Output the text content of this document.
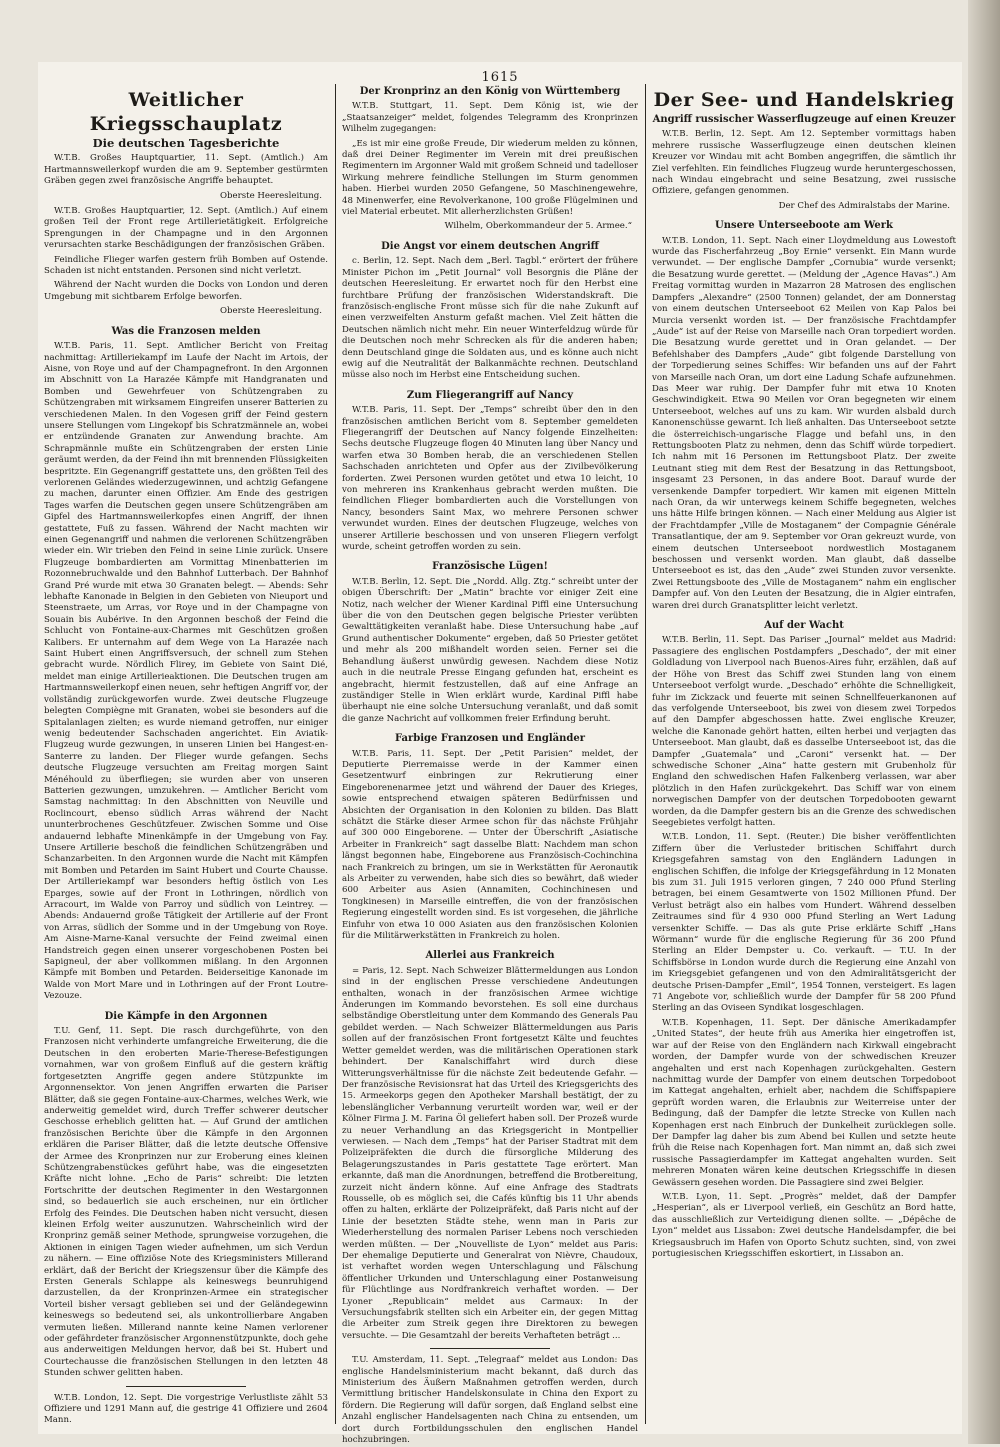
1615
Weitlicher Kriegsschauplatz
Die deutschen Tagesberichte

W.T.B. Großes Hauptquartier, 11. Sept. (Amtlich.) Am Hartmannsweilerkopf wurden die am 9. September gestürmten Gräben gegen zwei französische Angriffe behauptet.

Oberste Heeresleitung.

W.T.B. Großes Hauptquartier, 12. Sept. (Amtlich.) Auf einem großen Teil der Front rege Artillerietätigkeit. Erfolgreiche Sprengungen in der Champagne und in den Argonnen verursachten starke Beschädigungen der französischen Gräben.

Feindliche Flieger warfen gestern früh Bomben auf Ostende. Schaden ist nicht entstanden. Personen sind nicht verletzt.

Während der Nacht wurden die Docks von London und deren Umgebung mit sichtbarem Erfolge beworfen.

Oberste Heeresleitung.
Was die Franzosen melden

W.T.B. Paris, 11. Sept. Amtlicher Bericht von Freitag nachmittag: Artilleriekampf im Laufe der Nacht im Artois, der Aisne, von Roye und auf der Champagnefront. In den Argonnen im Abschnitt von La Harazée Kämpfe mit Handgranaten und Bomben und Gewehrfeuer von Schützengraben zu Schützengraben mit wirksamem Eingreifen unserer Batterien zu verschiedenen Malen. In den Vogesen griff der Feind gestern unsere Stellungen vom Lingekopf bis Schratzmännele an, wobei er entzündende Granaten zur Anwendung brachte. Am Schrapmännle mußte ein Schützengraben der ersten Linie geräumt werden, da der Feind ihn mit brennenden Flüssigkeiten bespritzte. Ein Gegenangriff gestattete uns, den größten Teil des verlorenen Geländes wiederzugewinnen, und achtzig Gefangene zu machen, darunter einen Offizier. Am Ende des gestrigen Tages warfen die Deutschen gegen unsere Schützengräben am Gipfel des Hartmannsweilerkopfes einen Angriff, der ihnen gestattete, Fuß zu fassen. Während der Nacht machten wir einen Gegenangriff und nahmen die verlorenen Schützengräben wieder ein. Wir trieben den Feind in seine Linie zurück. Unsere Flugzeuge bombardierten am Vormittag Minenbatterien im Rozonnebruchwalde und den Bahnhof Lutterbach. Der Bahnhof Grand Pré wurde mit etwa 30 Granaten belegt. — Abends: Sehr lebhafte Kanonade in Belgien in den Gebieten von Nieuport und Steenstraete, um Arras, vor Roye und in der Champagne von Souain bis Aubérive. In den Argonnen beschoß der Feind die Schlucht von Fontaine-aux-Charmes mit Geschützen großen Kalibers. Er unternahm auf dem Wege von La Harazée nach Saint Hubert einen Angriffsversuch, der schnell zum Stehen gebracht wurde. Nördlich Flirey, im Gebiete von Saint Dié, meldet man einige Artillerieaktionen. Die Deutschen trugen am Hartmannsweilerkopf einen neuen, sehr heftigen Angriff vor, der vollständig zurückgeworfen wurde. Zwei deutsche Flugzeuge belegten Compiègne mit Granaten, wobei sie besonders auf die Spitalanlagen zielten; es wurde niemand getroffen, nur einiger wenig bedeutender Sachschaden angerichtet. Ein Aviatik-Flugzeug wurde gezwungen, in unseren Linien bei Hangest-en-Santerre zu landen. Der Flieger wurde gefangen. Sechs deutsche Flugzeuge versuchten am Freitag morgen Saint Ménéhould zu überfliegen; sie wurden aber von unseren Batterien gezwungen, umzukehren. — Amtlicher Bericht vom Samstag nachmittag: In den Abschnitten von Neuville und Roclincourt, ebenso südlich Arras während der Nacht ununterbrochenes Geschützfeuer. Zwischen Somme und Oise andauernd lebhafte Minenkämpfe in der Umgebung von Fay. Unsere Artillerie beschoß die feindlichen Schützengräben und Schanzarbeiten. In den Argonnen wurde die Nacht mit Kämpfen mit Bomben und Petarden im Saint Hubert und Courte Chausse. Der Artilleriekampf war besonders heftig östlich von Les Eparges, sowie auf der Front in Lothringen, nördlich von Arracourt, im Walde von Parroy und südlich von Leintrey. — Abends: Andauernd große Tätigkeit der Artillerie auf der Front von Arras, südlich der Somme und in der Umgebung von Roye. Am Aisne-Marne-Kanal versuchte der Feind zweimal einen Handstreich gegen einen unserer vorgeschobenen Posten bei Sapigneul, der aber vollkommen mißlang. In den Argonnen Kämpfe mit Bomben und Petarden. Beiderseitige Kanonade im Walde von Mort Mare und in Lothringen auf der Front Loutre-Vezouze.

Die Kämpfe in den Argonnen

T.U. Genf, 11. Sept. Die rasch durchgeführte, von den Franzosen nicht verhinderte umfangreiche Erweiterung, die die Deutschen in den eroberten Marie-Therese-Befestigungen vornahmen, war von großem Einfluß auf die gestern kräftig fortgesetzten Angriffe gegen andere Stützpunkte im Argonnensektor. Von jenen Angriffen erwarten die Pariser Blätter, daß sie gegen Fontaine-aux-Charmes, welches Werk, wie anderweitig gemeldet wird, durch Treffer schwerer deutscher Geschosse erheblich gelitten hat. — Auf Grund der amtlichen französischen Berichte über die Kämpfe in den Argonnen erklären die Pariser Blätter, daß die letzte deutsche Offensive der Armee des Kronprinzen nur zur Eroberung eines kleinen Schützengrabenstückes geführt habe, was die eingesetzten Kräfte nicht lohne. „Echo de Paris“ schreibt: Die letzten Fortschritte der deutschen Regimenter in den Westargonnen sind, so bedauerlich sie auch erscheinen, nur ein örtlicher Erfolg des Feindes. Die Deutschen haben nicht versucht, diesen kleinen Erfolg weiter auszunutzen. Wahrscheinlich wird der Kronprinz gemäß seiner Methode, sprungweise vorzugehen, die Aktionen in einigen Tagen wieder aufnehmen, um sich Verdun zu nähern. — Eine offiziöse Note des Kriegsministers Millerand erklärt, daß der Bericht der Kriegszensur über die Kämpfe des Ersten Generals Schlappe als keineswegs beunruhigend darzustellen, da der Kronprinzen-Armee ein strategischer Vorteil bisher versagt geblieben sei und der Geländegewinn keineswegs so bedeutend sei, als unkontrollierbare Angaben vermuten ließen. Millerand nannte keine Namen verlorener oder gefährdeter französischer Argonnenstützpunkte, doch gehe aus anderweitigen Meldungen hervor, daß bei St. Hubert und Courtechausse die französischen Stellungen in den letzten 48 Stunden schwer gelitten haben.

W.T.B. London, 12. Sept. Die vorgestrige Verlustliste zählt 53 Offiziere und 1291 Mann auf, die gestrige 41 Offiziere und 2604 Mann.

Der Kronprinz an den König von Württemberg

W.T.B. Stuttgart, 11. Sept. Dem König ist, wie der „Staatsanzeiger“ meldet, folgendes Telegramm des Kronprinzen Wilhelm zugegangen:

„Es ist mir eine große Freude, Dir wiederum melden zu können, daß drei Deiner Regimenter im Verein mit drei preußischen Regimentern im Argonner Wald mit großem Schneid und tadelloser Wirkung mehrere feindliche Stellungen im Sturm genommen haben. Hierbei wurden 2050 Gefangene, 50 Maschinengewehre, 48 Minenwerfer, eine Revolverkanone, 100 große Flügelminen und viel Material erbeutet. Mit allerherzlichsten Grüßen!

Wilhelm, Oberkommandeur der 5. Armee.“
Die Angst vor einem deutschen Angriff

c. Berlin, 12. Sept. Nach dem „Berl. Tagbl.“ erörtert der frühere Minister Pichon im „Petit Journal“ voll Besorgnis die Pläne der deutschen Heeresleitung. Er erwartet noch für den Herbst eine furchtbare Prüfung der französischen Widerstandskraft. Die französisch-englische Front müsse sich für die nahe Zukunft auf einen verzweifelten Ansturm gefaßt machen. Viel Zeit hätten die Deutschen nämlich nicht mehr. Ein neuer Winterfeldzug würde für die Deutschen noch mehr Schrecken als für die anderen haben; denn Deutschland ginge die Soldaten aus, und es könne auch nicht ewig auf die Neutralität der Balkanmächte rechnen. Deutschland müsse also noch im Herbst eine Entscheidung suchen.

Zum Fliegerangriff auf Nancy

W.T.B. Paris, 11. Sept. Der „Temps“ schreibt über den in den französischen amtlichen Bericht vom 8. September gemeldeten Fliegerangriff der Deutschen auf Nancy folgende Einzelheiten: Sechs deutsche Flugzeuge flogen 40 Minuten lang über Nancy und warfen etwa 30 Bomben herab, die an verschiedenen Stellen Sachschaden anrichteten und Opfer aus der Zivilbevölkerung forderten. Zwei Personen wurden getötet und etwa 10 leicht, 10 von mehreren ins Krankenhaus gebracht werden mußten. Die feindlichen Flieger bombardierten auch die Vorstellungen von Nancy, besonders Saint Max, wo mehrere Personen schwer verwundet wurden. Eines der deutschen Flugzeuge, welches von unserer Artillerie beschossen und von unseren Fliegern verfolgt wurde, scheint getroffen worden zu sein.

Französische Lügen!

W.T.B. Berlin, 12. Sept. Die „Nordd. Allg. Ztg.“ schreibt unter der obigen Überschrift: Der „Matin“ brachte vor einiger Zeit eine Notiz, nach welcher der Wiener Kardinal Piffl eine Untersuchung über die von den Deutschen gegen belgische Priester verübten Gewalttätigkeiten veranlaßt habe. Diese Untersuchung habe „auf Grund authentischer Dokumente“ ergeben, daß 50 Priester getötet und mehr als 200 mißhandelt worden seien. Ferner sei die Behandlung äußerst unwürdig gewesen. Nachdem diese Notiz auch in die neutrale Presse Eingang gefunden hat, erscheint es angebracht, hiermit festzustellen, daß auf eine Anfrage an zuständiger Stelle in Wien erklärt wurde, Kardinal Piffl habe überhaupt nie eine solche Untersuchung veranlaßt, und daß somit die ganze Nachricht auf vollkommen freier Erfindung beruht.

Farbige Franzosen und Engländer

W.T.B. Paris, 11. Sept. Der „Petit Parisien“ meldet, der Deputierte Pierremaisse werde in der Kammer einen Gesetzentwurf einbringen zur Rekrutierung einer Eingeborenenarmee jetzt und während der Dauer des Krieges, sowie entsprechend etwaigen späteren Bedürfnissen und Absichten der Organisation in den Kolonien zu bilden. Das Blatt schätzt die Stärke dieser Armee schon für das nächste Frühjahr auf 300 000 Eingeborene. — Unter der Überschrift „Asiatische Arbeiter in Frankreich“ sagt dasselbe Blatt: Nachdem man schon längst begonnen habe, Eingeborene aus Französisch-Cochinchina nach Frankreich zu bringen, um sie in Werkstätten für Aeronautik als Arbeiter zu verwenden, habe sich dies so bewährt, daß wieder 600 Arbeiter aus Asien (Annamiten, Cochinchinesen und Tongkinesen) in Marseille eintreffen, die von der französischen Regierung eingestellt worden sind. Es ist vorgesehen, die jährliche Einfuhr von etwa 10 000 Asiaten aus den französischen Kolonien für die Militärwerkstätten in Frankreich zu holen.

Allerlei aus Frankreich

= Paris, 12. Sept. Nach Schweizer Blättermeldungen aus London sind in der englischen Presse verschiedene Andeutungen enthalten, wonach in der französischen Armee wichtige Änderungen im Kommando bevorstehen. Es soll eine durchaus selbständige Oberstleitung unter dem Kommando des Generals Pau gebildet werden. — Nach Schweizer Blättermeldungen aus Paris sollen auf der französischen Front fortgesetzt Kälte und feuchtes Wetter gemeldet werden, was die militärischen Operationen stark behindert. Der Kanalschiffahrt wird durch diese Witterungsverhältnisse für die nächste Zeit bedeutende Gefahr. — Der französische Revisionsrat hat das Urteil des Kriegsgerichts des 15. Armeekorps gegen den Apotheker Marshall bestätigt, der zu lebenslänglicher Verbannung verurteilt worden war, weil er der Kölner Firma J. M. Farina Öl geliefert haben soll. Der Prozeß wurde zu neuer Verhandlung an das Kriegsgericht in Montpellier verwiesen. — Nach dem „Temps“ hat der Pariser Stadtrat mit dem Polizeipräfekten die durch die fürsorgliche Milderung des Belagerungszustandes in Paris gestattete Tage erörtert. Man erkannte, daß man die Anordnungen, betreffend die Brotbereitung, zurzeit nicht ändern könne. Auf eine Anfrage des Stadtrats Rousselle, ob es möglich sei, die Cafés künftig bis 11 Uhr abends offen zu halten, erklärte der Polizeipräfekt, daß Paris nicht auf der Linie der besetzten Städte stehe, wenn man in Paris zur Wiederherstellung des normalen Pariser Lebens noch verschieden werden müßten. — Der „Nouvelliste de Lyon“ meldet aus Paris: Der ehemalige Deputierte und Generalrat von Nièvre, Chaudoux, ist verhaftet worden wegen Unterschlagung und Fälschung öffentlicher Urkunden und Unterschlagung einer Postanweisung für Flüchtlinge aus Nordfrankreich verhaftet worden. — Der Lyoner „Republicain“ meldet aus Carmaux: In der Versuchungsfabrik stellten sich ein Arbeiter ein, der gegen Mittag die Arbeiter zum Streik gegen ihre Direktoren zu bewegen versuchte. — Die Gesamtzahl der bereits Verhafteten beträgt ...

T.U. Amsterdam, 11. Sept. „Telegraaf“ meldet aus London: Das englische Handelsministerium macht bekannt, daß durch das Ministerium des Äußern Maßnahmen getroffen werden, durch Vermittlung britischer Handelskonsulate in China den Export zu fördern. Die Regierung will dafür sorgen, daß England selbst eine Anzahl englischer Handelsagenten nach China zu entsenden, um dort durch Fortbildungsschulen den englischen Handel hochzubringen.

Der See- und Handelskrieg
Angriff russischer Wasserflugzeuge auf einen Kreuzer

W.T.B. Berlin, 12. Sept. Am 12. September vormittags haben mehrere russische Wasserflugzeuge einen deutschen kleinen Kreuzer vor Windau mit acht Bomben angegriffen, die sämtlich ihr Ziel verfehlten. Ein feindliches Flugzeug wurde heruntergeschossen, nach Windau eingebracht und seine Besatzung, zwei russische Offiziere, gefangen genommen.

Der Chef des Admiralstabs der Marine.
Unsere Unterseeboote am Werk

W.T.B. London, 11. Sept. Nach einer Lloydmeldung aus Lowestoft wurde das Fischerfahrzeug „Boy Ernie“ versenkt. Ein Mann wurde verwundet. — Der englische Dampfer „Cornubia“ wurde versenkt; die Besatzung wurde gerettet. — (Meldung der „Agence Havas“.) Am Freitag vormittag wurden in Mazarron 28 Matrosen des englischen Dampfers „Alexandre“ (2500 Tonnen) gelandet, der am Donnerstag von einem deutschen Unterseeboot 62 Meilen von Kap Palos bei Murcia versenkt worden ist. — Der französische Frachtdampfer „Aude“ ist auf der Reise von Marseille nach Oran torpediert worden. Die Besatzung wurde gerettet und in Oran gelandet. — Der Befehlshaber des Dampfers „Aude“ gibt folgende Darstellung von der Torpedierung seines Schiffes: Wir befanden uns auf der Fahrt von Marseille nach Oran, um dort eine Ladung Schafe aufzunehmen. Das Meer war ruhig. Der Dampfer fuhr mit etwa 10 Knoten Geschwindigkeit. Etwa 90 Meilen vor Oran begegneten wir einem Unterseeboot, welches auf uns zu kam. Wir wurden alsbald durch Kanonenschüsse gewarnt. Ich ließ anhalten. Das Unterseeboot setzte die österreichisch-ungarische Flagge und befahl uns, in den Rettungsbooten Platz zu nehmen, denn das Schiff würde torpediert. Ich nahm mit 16 Personen im Rettungsboot Platz. Der zweite Leutnant stieg mit dem Rest der Besatzung in das Rettungsboot, insgesamt 23 Personen, in das andere Boot. Darauf wurde der versenkende Dampfer torpediert. Wir kamen mit eigenen Mitteln nach Oran, da wir unterwegs keinem Schiffe begegneten, welches uns hätte Hilfe bringen können. — Nach einer Meldung aus Algier ist der Frachtdampfer „Ville de Mostaganem“ der Compagnie Générale Transatlantique, der am 9. September vor Oran gekreuzt wurde, von einem deutschen Unterseeboot nordwestlich Mostaganem beschossen und versenkt worden. Man glaubt, daß dasselbe Unterseeboot es ist, das den „Aude“ zwei Stunden zuvor versenkte. Zwei Rettungsboote des „Ville de Mostaganem“ nahm ein englischer Dampfer auf. Von den Leuten der Besatzung, die in Algier eintrafen, waren drei durch Granatsplitter leicht verletzt.

Auf der Wacht

W.T.B. Berlin, 11. Sept. Das Pariser „Journal“ meldet aus Madrid: Passagiere des englischen Postdampfers „Deschado“, der mit einer Goldladung von Liverpool nach Buenos-Aires fuhr, erzählen, daß auf der Höhe von Brest das Schiff zwei Stunden lang von einem Unterseeboot verfolgt wurde. „Deschado“ erhöhte die Schnelligkeit, fuhr im Zickzack und feuerte mit seinen Schnellfeuerkanonen auf das verfolgende Unterseeboot, bis zwei von diesem zwei Torpedos auf den Dampfer abgeschossen hatte. Zwei englische Kreuzer, welche die Kanonade gehört hatten, eilten herbei und verjagten das Unterseeboot. Man glaubt, daß es dasselbe Unterseeboot ist, das die Dampfer „Guatemala“ und „Caroni“ versenkt hat. — Der schwedische Schoner „Aina“ hatte gestern mit Grubenholz für England den schwedischen Hafen Falkenberg verlassen, war aber plötzlich in den Hafen zurückgekehrt. Das Schiff war von einem norwegischen Dampfer von der deutschen Torpedobooten gewarnt worden, da die Dampfer gestern bis an die Grenze des schwedischen Seegebietes verfolgt hatten.

W.T.B. London, 11. Sept. (Reuter.) Die bisher veröffentlichten Ziffern über die Verlusteder britischen Schiffahrt durch Kriegsgefahren samstag von den Engländern Ladungen in englischen Schiffen, die infolge der Kriegsgefährdung in 12 Monaten bis zum 31. Juli 1915 verloren gingen, 7 240 000 Pfund Sterling betragen, bei einem Gesamtwerte von 1502 Millionen Pfund. Der Verlust beträgt also ein halbes vom Hundert. Während desselben Zeitraumes sind für 4 930 000 Pfund Sterling an Wert Ladung versenkter Schiffe. — Das als gute Prise erklärte Schiff „Hans Wörmann“ wurde für die englische Regierung für 36 200 Pfund Sterling an Elder Dempster u. Co. verkauft. — T.U. In der Schiffsbörse in London wurde durch die Regierung eine Anzahl von im Kriegsgebiet gefangenen und von den Admiralitätsgericht der deutsche Prisen-Dampfer „Emil“, 1954 Tonnen, versteigert. Es lagen 71 Angebote vor, schließlich wurde der Dampfer für 58 200 Pfund Sterling an das Oviseen Syndikat losgeschlagen.

W.T.B. Kopenhagen, 11. Sept. Der dänische Amerikadampfer „United States“, der heute früh aus Amerika hier eingetroffen ist, war auf der Reise von den Engländern nach Kirkwall eingebracht worden, der Dampfer wurde von der schwedischen Kreuzer angehalten und erst nach Kopenhagen zurückgehalten. Gestern nachmittag wurde der Dampfer von einem deutschen Torpedoboot im Kattegat angehalten, erhielt aber, nachdem die Schiffspapiere geprüft worden waren, die Erlaubnis zur Weiterreise unter der Bedingung, daß der Dampfer die letzte Strecke von Kullen nach Kopenhagen erst nach Einbruch der Dunkelheit zurücklegen solle. Der Dampfer lag daher bis zum Abend bei Kullen und setzte heute früh die Reise nach Kopenhagen fort. Man nimmt an, daß sich zwei russische Passagierdampfer im Kattegat angehalten wurden. Seit mehreren Monaten wären keine deutschen Kriegsschiffe in diesen Gewässern gesehen worden. Die Passagiere sind zwei Belgier.

W.T.B. Lyon, 11. Sept. „Progrès“ meldet, daß der Dampfer „Hesperian“, als er Liverpool verließ, ein Geschütz an Bord hatte, das ausschließlich zur Verteidigung dienen sollte. — „Dépêche de Lyon“ meldet aus Lissabon: Zwei deutsche Handelsdampfer, die bei Kriegsausbruch im Hafen von Oporto Schutz suchten, sind, von zwei portugiesischen Kriegsschiffen eskortiert, in Lissabon an.
